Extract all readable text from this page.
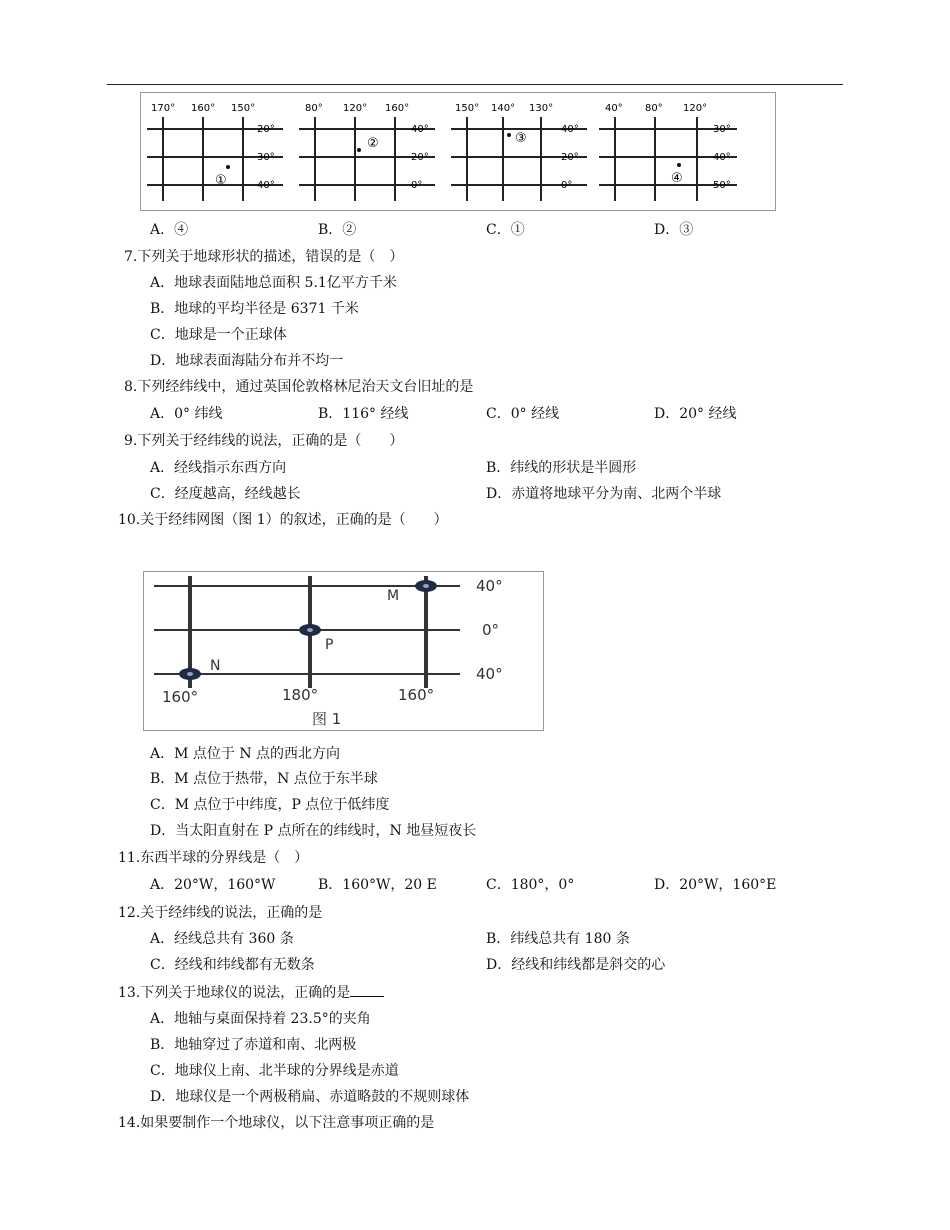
170° 160° 150°
20°
30°
40°
①
80° 120° 160°
40°
20°
0°
②
150° 140° 130°
40°
20°
0°
③
40° 80° 120°
30°
40°
50°
④
A．④	B．②	C．①	D．③
7.下列关于地球形状的描述，错误的是（　）
A．地球表面陆地总面积 5.1亿平方千米
B．地球的平均半径是 6371 千米
C．地球是一个正球体
D．地球表面海陆分布并不均一
8.下列经纬线中，通过英国伦敦格林尼治天文台旧址的是
A．0° 纬线	B．116° 经线	C．0° 经线	D．20° 经线
9.下列关于经纬线的说法，正确的是（　　）
A．经线指示东西方向	B．纬线的形状是半圆形
C．经度越高，经线越长	D．赤道将地球平分为南、北两个半球
10.关于经纬网图（图 1）的叙述，正确的是（　　）
40°
0°
40°
M
P
N
160°	180°	160°
图 1
A．M 点位于 N 点的西北方向
B．M 点位于热带，N 点位于东半球
C．M 点位于中纬度，P 点位于低纬度
D．当太阳直射在 P 点所在的纬线时，N 地昼短夜长
11.东西半球的分界线是（　）
A．20°W，160°W	B．160°W，20 E	C．180°，0°	D．20°W，160°E
12.关于经纬线的说法，正确的是
A．经线总共有 360 条	B．纬线总共有 180 条
C．经线和纬线都有无数条	D．经线和纬线都是斜交的心
13.下列关于地球仪的说法，正确的是
A．地轴与桌面保持着 23.5°的夹角
B．地轴穿过了赤道和南、北两极
C．地球仪上南、北半球的分界线是赤道
D．地球仪是一个两极稍扁、赤道略鼓的不规则球体
14.如果要制作一个地球仪，以下注意事项正确的是
